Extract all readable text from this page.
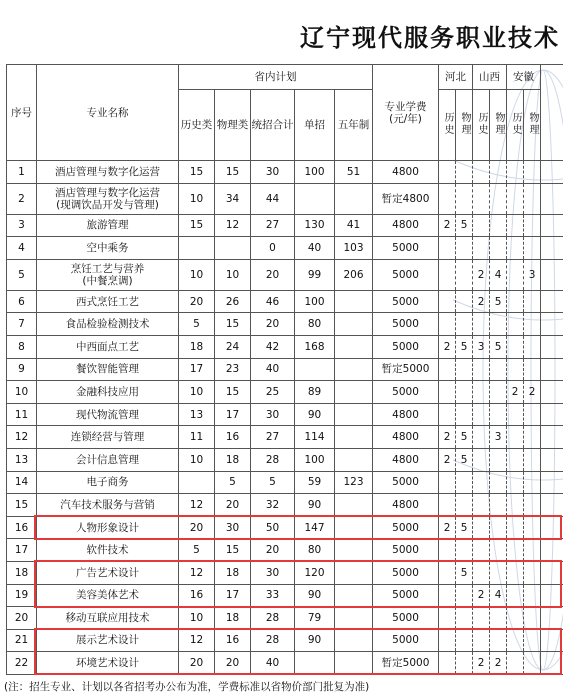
辽宁现代服务职业技术
序号	专业名称	省内计划					专业学费
(元/年)	河北		山西		安徽		
		历史类	物理类	统招合计	单招	五年制		历史	物理	历史	物理	历史	物理	
1	酒店管理与数字化运营	15	15	30	100	51	4800							
2	酒店管理与数字化运营
(现调饮品开发与管理)	10	34	44			暂定4800							
3	旅游管理	15	12	27	130	41	4800	2	5					
4	空中乘务			0	40	103	5000							
5	烹饪工艺与营养
(中餐烹调)	10	10	20	99	206	5000			2	4		3	
6	西式烹饪工艺	20	26	46	100		5000			2	5			
7	食品检验检测技术	5	15	20	80		5000							
8	中西面点工艺	18	24	42	168		5000	2	5	3	5			
9	餐饮智能管理	17	23	40			暂定5000							
10	金融科技应用	10	15	25	89		5000					2	2	
11	现代物流管理	13	17	30	90		4800							
12	连锁经营与管理	11	16	27	114		4800	2	5		3			
13	会计信息管理	10	18	28	100		4800	2	5					
14	电子商务		5	5	59	123	5000							
15	汽车技术服务与营销	12	20	32	90		4800							
16	人物形象设计	20	30	50	147		5000	2	5					
17	软件技术	5	15	20	80		5000							
18	广告艺术设计	12	18	30	120		5000		5					
19	美容美体艺术	16	17	33	90		5000			2	4			
20	移动互联应用技术	10	18	28	79		5000							
21	展示艺术设计	12	16	28	90		5000							
22	环境艺术设计	20	20	40			暂定5000			2	2			
(注：招生专业、计划以各省招考办公布为准，学费标准以省物价部门批复为准)
